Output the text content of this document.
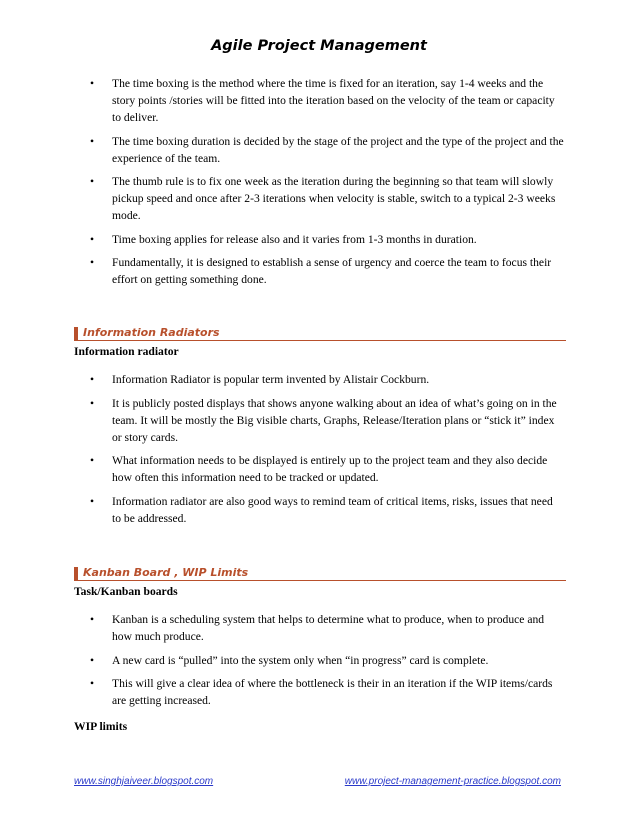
Agile Project Management
• The time boxing is the method where the time is fixed for an iteration, say 1-4 weeks and the story points /stories will be fitted into the iteration based on the velocity of the team or capacity to deliver.
• The time boxing duration is decided by the stage of the project and the type of the project and the experience of the team.
• The thumb rule is to fix one week as the iteration during the beginning so that team will slowly pickup speed and once after 2-3 iterations when velocity is stable, switch to a typical 2-3 weeks mode.
• Time boxing applies for release also and it varies from 1-3 months in duration.
• Fundamentally, it is designed to establish a sense of urgency and coerce the team to focus their effort on getting something done.
Information Radiators
Information radiator
• Information Radiator is popular term invented by Alistair Cockburn.
• It is publicly posted displays that shows anyone walking about an idea of what’s going on in the team. It will be mostly the Big visible charts, Graphs, Release/Iteration plans or “stick it” index or story cards.
• What information needs to be displayed is entirely up to the project team and they also decide how often this information need to be tracked or updated.
• Information radiator are also good ways to remind team of critical items, risks, issues that need to be addressed.
Kanban Board , WIP Limits
Task/Kanban boards
• Kanban is a scheduling system that helps to determine what to produce, when to produce and how much produce.
• A new card is “pulled” into the system only when “in progress” card is complete.
• This will give a clear idea of where the bottleneck is their in an iteration if the WIP items/cards are getting increased.
WIP limits
www.singhjaiveer.blogspot.com	www.project-management-practice.blogspot.com
